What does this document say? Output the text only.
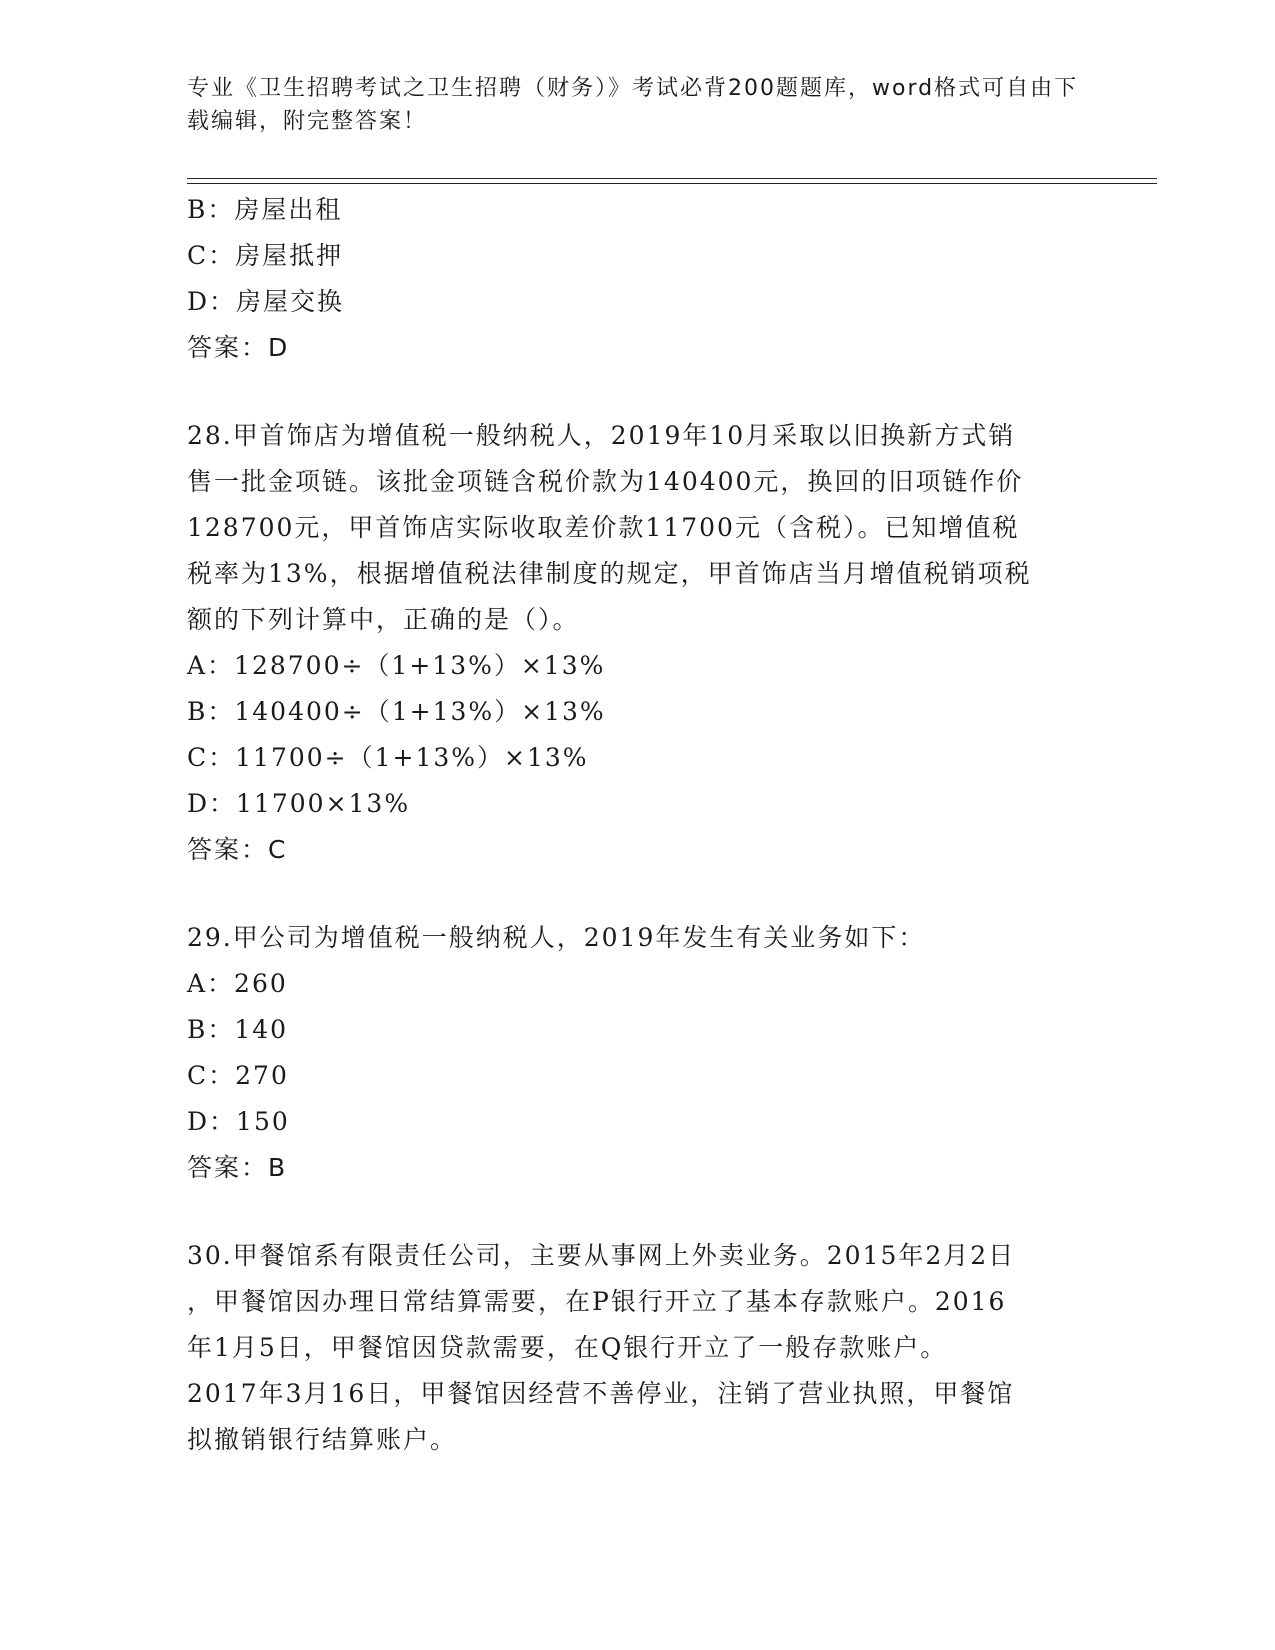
专业《卫生招聘考试之卫生招聘（财务）》考试必背200题题库，word格式可自由下载编辑，附完整答案！
B：房屋出租
C：房屋抵押
D：房屋交换
答案：D
28.甲首饰店为增值税一般纳税人，2019年10月采取以旧换新方式销
售一批金项链。该批金项链含税价款为140400元，换回的旧项链作价
128700元，甲首饰店实际收取差价款11700元（含税）。已知增值税
税率为13%，根据增值税法律制度的规定，甲首饰店当月增值税销项税
额的下列计算中，正确的是（）。
A：128700÷（1+13%）×13%
B：140400÷（1+13%）×13%
C：11700÷（1+13%）×13%
D：11700×13%
答案：C
29.甲公司为增值税一般纳税人，2019年发生有关业务如下：
A：260
B：140
C：270
D：150
答案：B
30.甲餐馆系有限责任公司，主要从事网上外卖业务。2015年2月2日
，甲餐馆因办理日常结算需要，在P银行开立了基本存款账户。2016
年1月5日，甲餐馆因贷款需要，在Q银行开立了一般存款账户。
2017年3月16日，甲餐馆因经营不善停业，注销了营业执照，甲餐馆
拟撤销银行结算账户。
